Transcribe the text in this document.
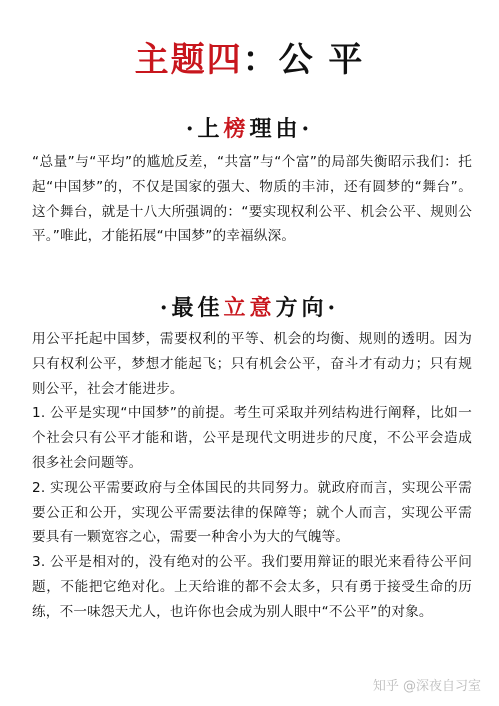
主题四：公 平
·上榜理由·

“总量”与“平均”的尴尬反差，“共富”与“个富”的局部失衡昭示我们：托起“中国梦”的，不仅是国家的强大、物质的丰沛，还有圆梦的“舞台”。这个舞台，就是十八大所强调的：“要实现权利公平、机会公平、规则公平。”唯此，才能拓展“中国梦”的幸福纵深。

·最佳立意方向·

用公平托起中国梦，需要权利的平等、机会的均衡、规则的透明。因为只有权利公平，梦想才能起飞；只有机会公平，奋斗才有动力；只有规则公平，社会才能进步。

1. 公平是实现“中国梦”的前提。考生可采取并列结构进行阐释，比如一个社会只有公平才能和谐，公平是现代文明进步的尺度，不公平会造成很多社会问题等。

2. 实现公平需要政府与全体国民的共同努力。就政府而言，实现公平需要公正和公开，实现公平需要法律的保障等；就个人而言，实现公平需要具有一颗宽容之心，需要一种舍小为大的气魄等。

3. 公平是相对的，没有绝对的公平。我们要用辩证的眼光来看待公平问题，不能把它绝对化。上天给谁的都不会太多，只有勇于接受生命的历练，不一味怨天尤人，也许你也会成为别人眼中“不公平”的对象。

知乎 @深夜自习室
